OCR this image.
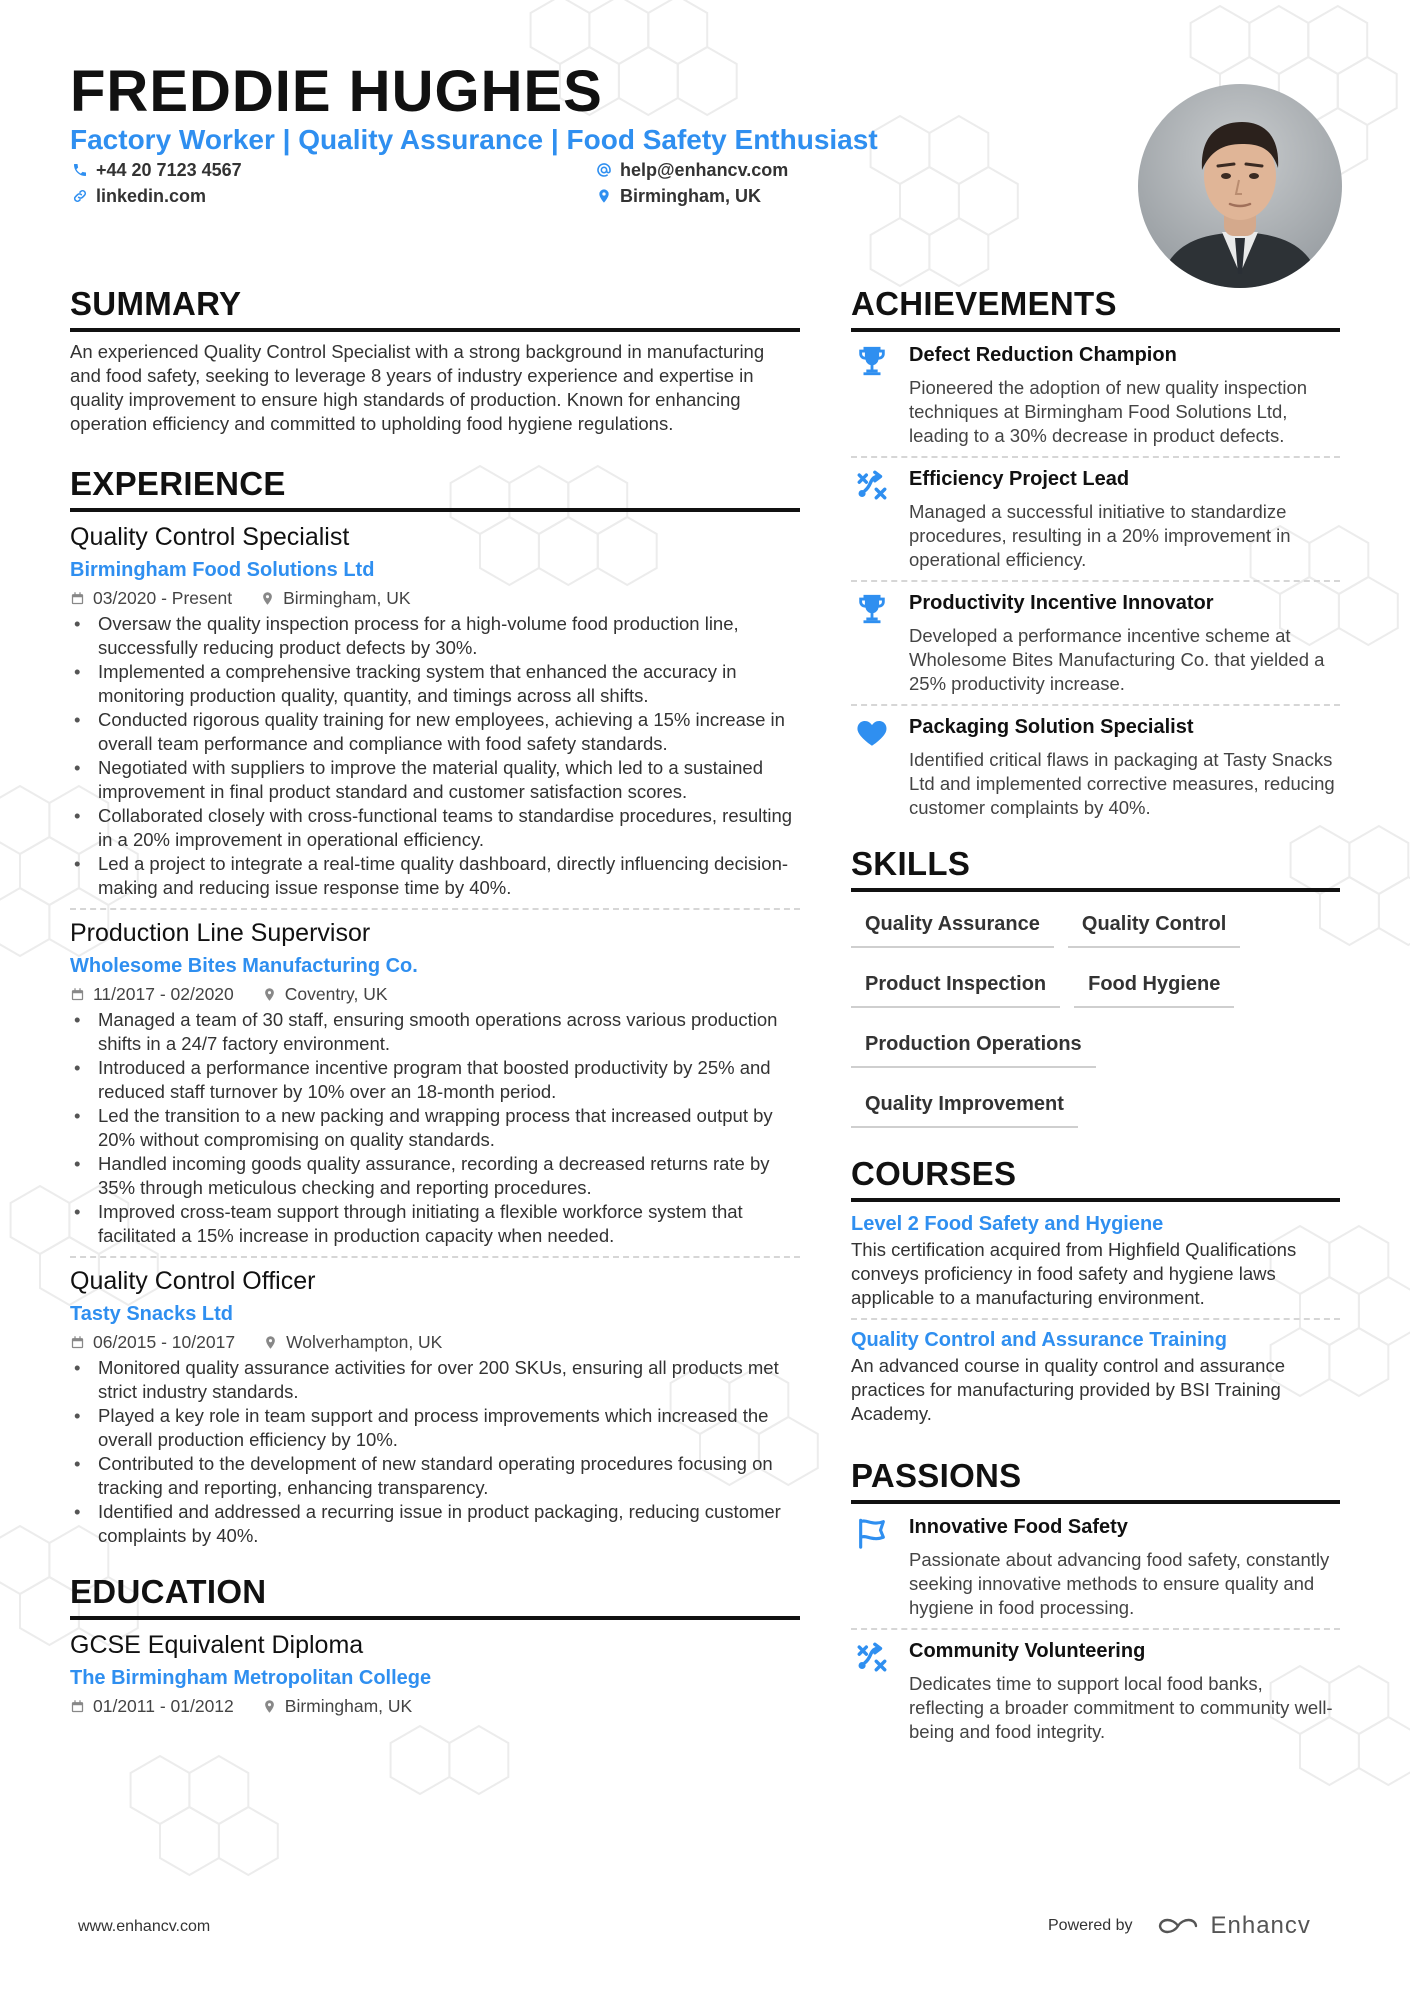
FREDDIE HUGHES
Factory Worker | Quality Assurance | Food Safety Enthusiast
+44 20 7123 4567	help@enhancv.com
linkedin.com	Birmingham, UK
SUMMARY

An experienced Quality Control Specialist with a strong background in manufacturing and food safety, seeking to leverage 8 years of industry experience and expertise in quality improvement to ensure high standards of production. Known for enhancing operation efficiency and committed to upholding food hygiene regulations.

EXPERIENCE
Quality Control Specialist
Birmingham Food Solutions Ltd
03/2020 - Present	Birmingham, UK
• Oversaw the quality inspection process for a high-volume food production line, successfully reducing product defects by 30%.
• Implemented a comprehensive tracking system that enhanced the accuracy in monitoring production quality, quantity, and timings across all shifts.
• Conducted rigorous quality training for new employees, achieving a 15% increase in overall team performance and compliance with food safety standards.
• Negotiated with suppliers to improve the material quality, which led to a sustained improvement in final product standard and customer satisfaction scores.
• Collaborated closely with cross-functional teams to standardise procedures, resulting in a 20% improvement in operational efficiency.
• Led a project to integrate a real-time quality dashboard, directly influencing decision-making and reducing issue response time by 40%.
Production Line Supervisor
Wholesome Bites Manufacturing Co.
11/2017 - 02/2020	Coventry, UK
• Managed a team of 30 staff, ensuring smooth operations across various production shifts in a 24/7 factory environment.
• Introduced a performance incentive program that boosted productivity by 25% and reduced staff turnover by 10% over an 18-month period.
• Led the transition to a new packing and wrapping process that increased output by 20% without compromising on quality standards.
• Handled incoming goods quality assurance, recording a decreased returns rate by 35% through meticulous checking and reporting procedures.
• Improved cross-team support through initiating a flexible workforce system that facilitated a 15% increase in production capacity when needed.
Quality Control Officer
Tasty Snacks Ltd
06/2015 - 10/2017	Wolverhampton, UK
• Monitored quality assurance activities for over 200 SKUs, ensuring all products met strict industry standards.
• Played a key role in team support and process improvements which increased the overall production efficiency by 10%.
• Contributed to the development of new standard operating procedures focusing on tracking and reporting, enhancing transparency.
• Identified and addressed a recurring issue in product packaging, reducing customer complaints by 40%.
EDUCATION
GCSE Equivalent Diploma
The Birmingham Metropolitan College
01/2011 - 01/2012	Birmingham, UK
ACHIEVEMENTS
Defect Reduction Champion
Pioneered the adoption of new quality inspection techniques at Birmingham Food Solutions Ltd, leading to a 30% decrease in product defects.
Efficiency Project Lead
Managed a successful initiative to standardize procedures, resulting in a 20% improvement in operational efficiency.
Productivity Incentive Innovator
Developed a performance incentive scheme at Wholesome Bites Manufacturing Co. that yielded a 25% productivity increase.
Packaging Solution Specialist
Identified critical flaws in packaging at Tasty Snacks Ltd and implemented corrective measures, reducing customer complaints by 40%.
SKILLS
Quality Assurance	Quality Control
Product Inspection	Food Hygiene
Production Operations
Quality Improvement
COURSES
Level 2 Food Safety and Hygiene
This certification acquired from Highfield Qualifications conveys proficiency in food safety and hygiene laws applicable to a manufacturing environment.
Quality Control and Assurance Training
An advanced course in quality control and assurance practices for manufacturing provided by BSI Training Academy.
PASSIONS
Innovative Food Safety
Passionate about advancing food safety, constantly seeking innovative methods to ensure quality and hygiene in food processing.
Community Volunteering
Dedicates time to support local food banks, reflecting a broader commitment to community well-being and food integrity.
www.enhancv.com	Powered by	Enhancv
